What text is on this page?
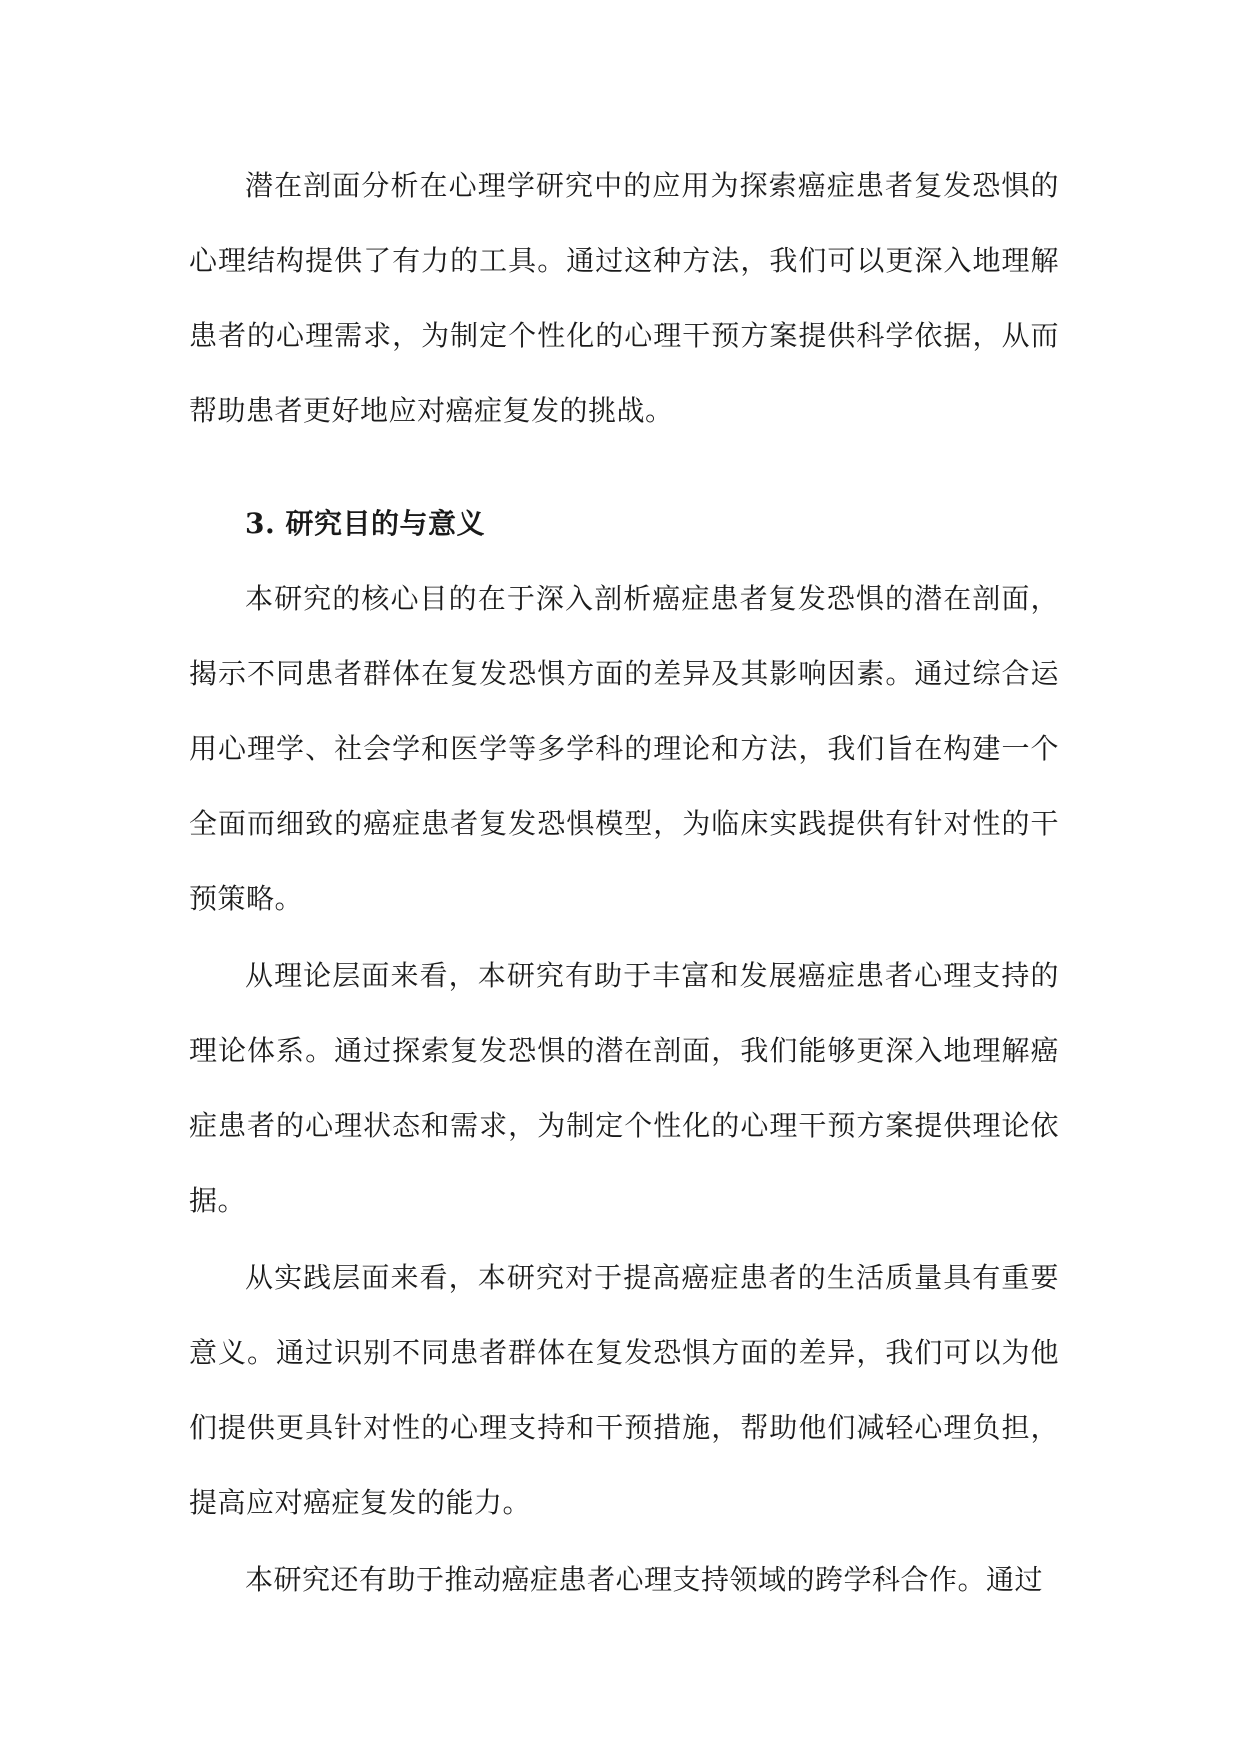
潜在剖面分析在心理学研究中的应用为探索癌症患者复发恐惧的心理结构提供了有力的工具。通过这种方法，我们可以更深入地理解患者的心理需求，为制定个性化的心理干预方案提供科学依据，从而帮助患者更好地应对癌症复发的挑战。

3. 研究目的与意义

本研究的核心目的在于深入剖析癌症患者复发恐惧的潜在剖面，揭示不同患者群体在复发恐惧方面的差异及其影响因素。通过综合运用心理学、社会学和医学等多学科的理论和方法，我们旨在构建一个全面而细致的癌症患者复发恐惧模型，为临床实践提供有针对性的干预策略。

从理论层面来看，本研究有助于丰富和发展癌症患者心理支持的理论体系。通过探索复发恐惧的潜在剖面，我们能够更深入地理解癌症患者的心理状态和需求，为制定个性化的心理干预方案提供理论依据。

从实践层面来看，本研究对于提高癌症患者的生活质量具有重要意义。通过识别不同患者群体在复发恐惧方面的差异，我们可以为他们提供更具针对性的心理支持和干预措施，帮助他们减轻心理负担，提高应对癌症复发的能力。

本研究还有助于推动癌症患者心理支持领域的跨学科合作。通过
